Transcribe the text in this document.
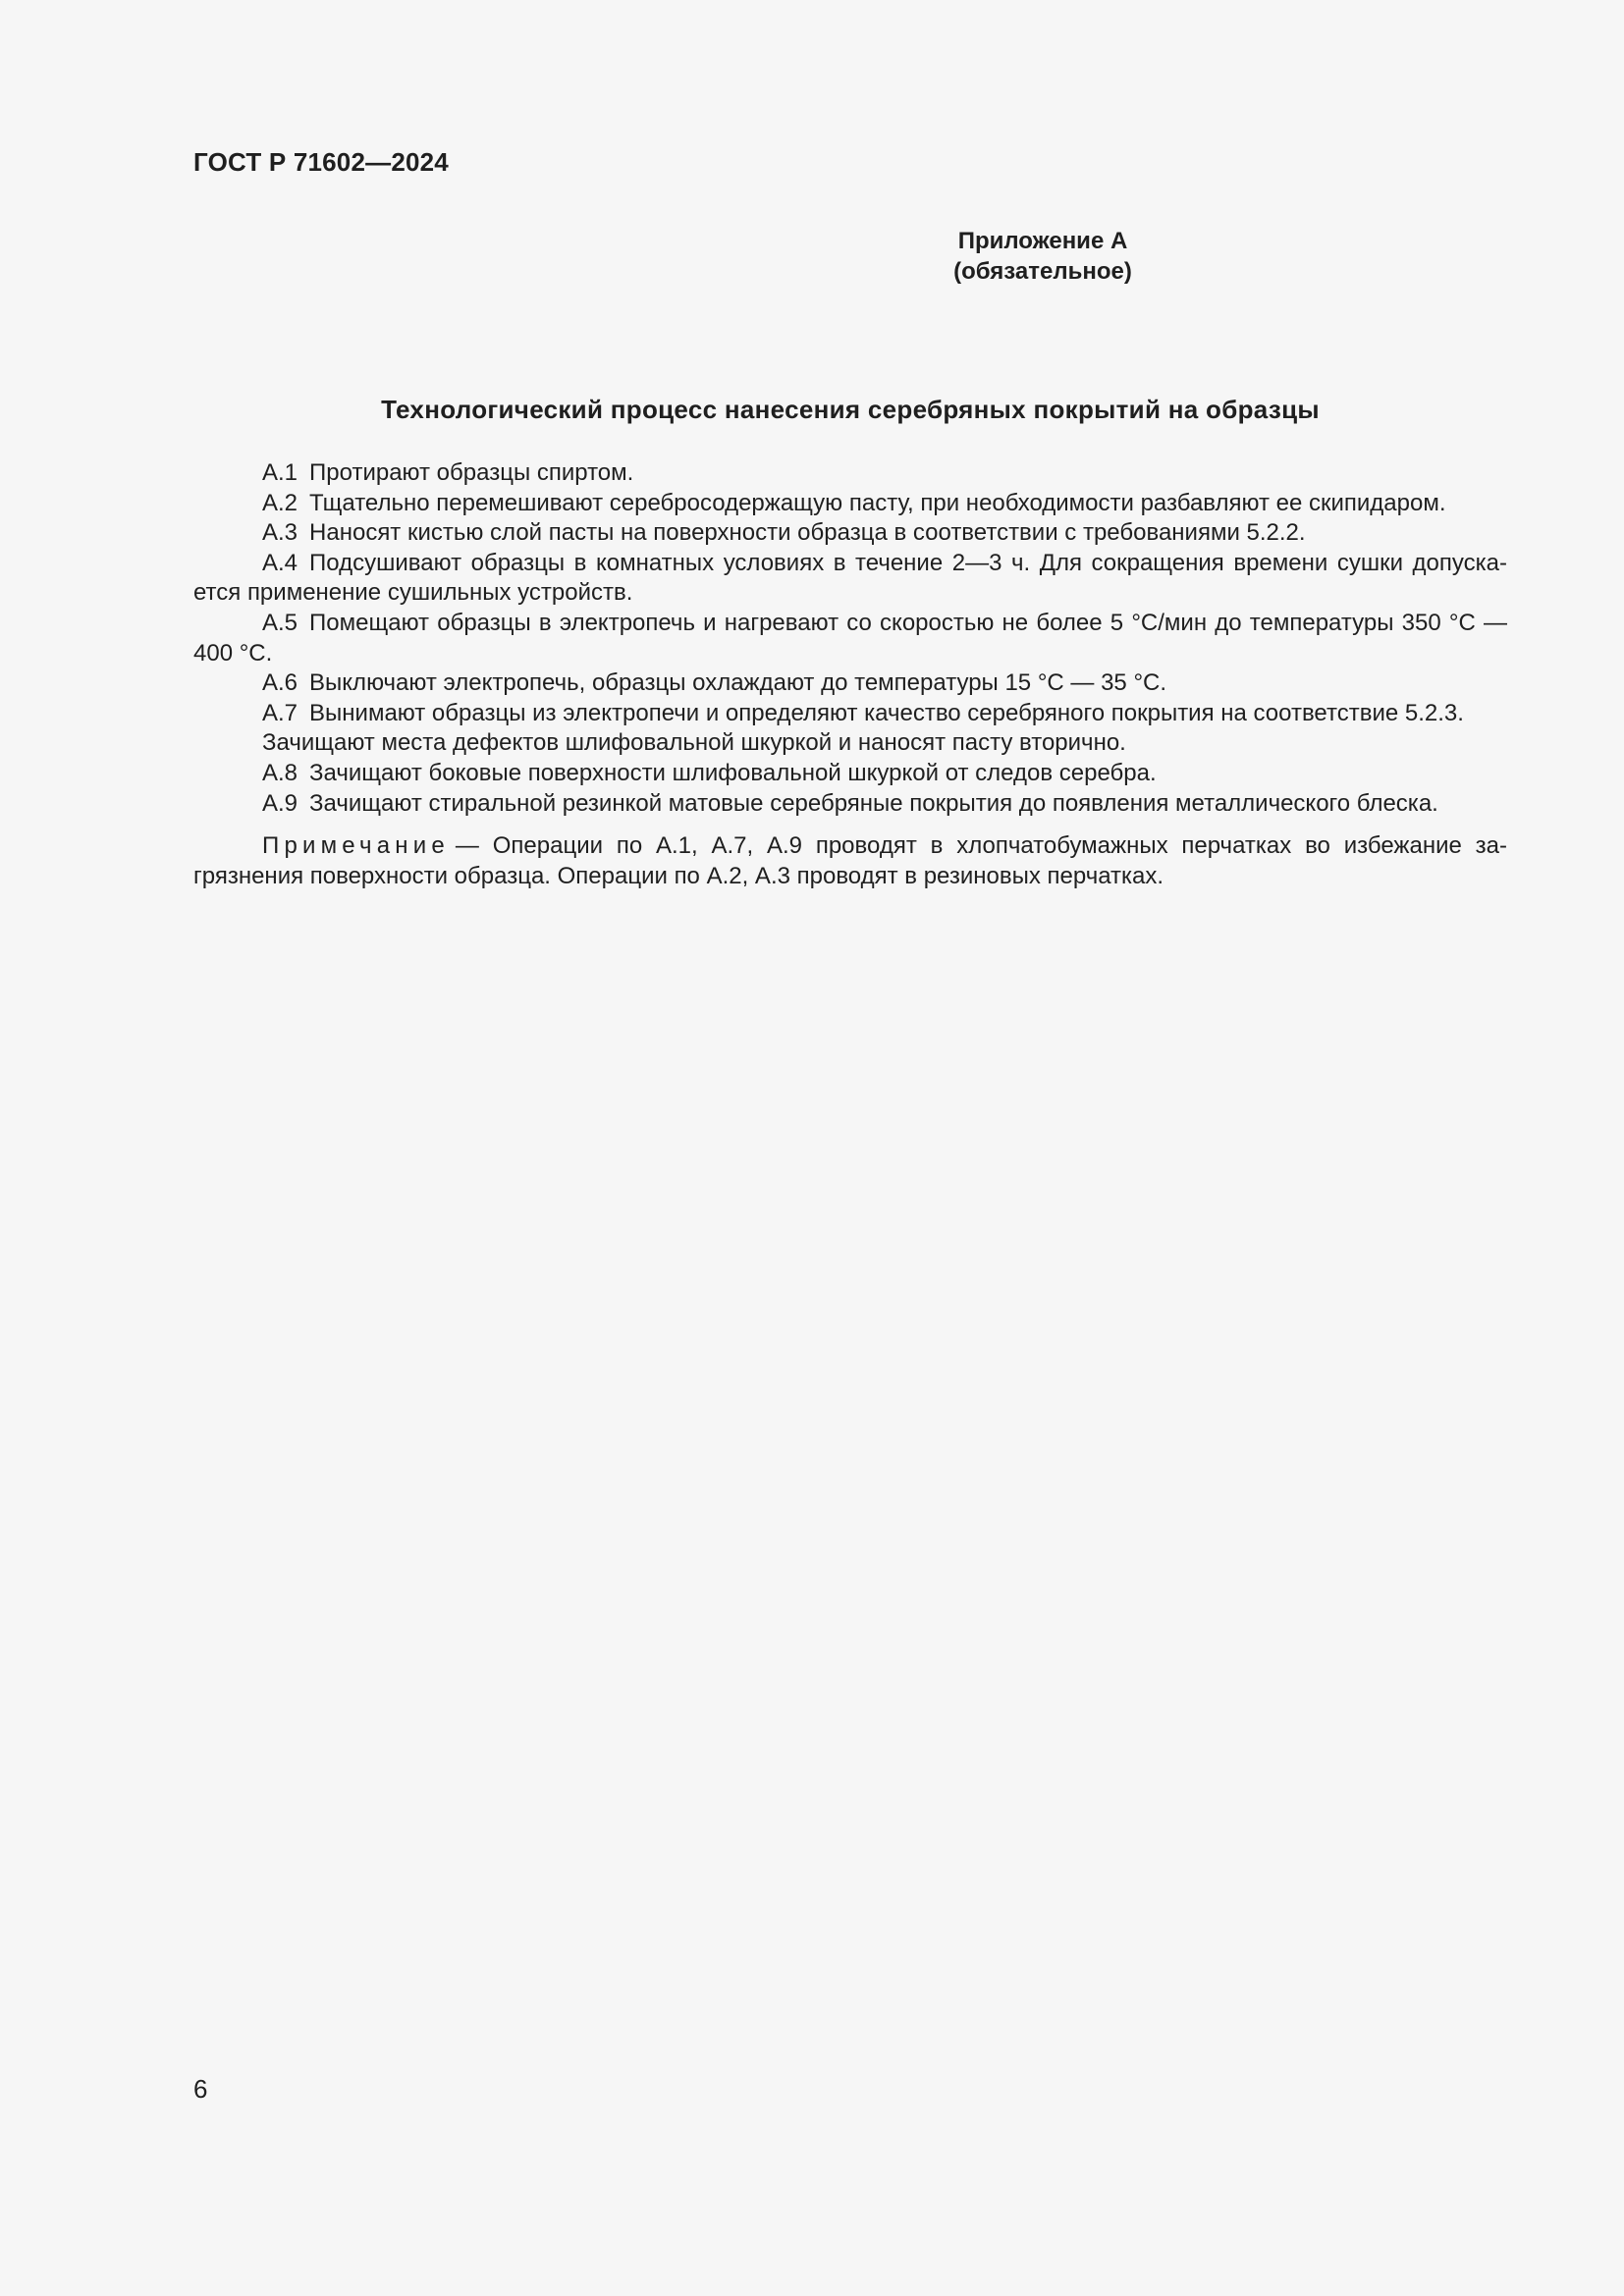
ГОСТ Р 71602—2024
Приложение А
(обязательное)
Технологический процесс нанесения серебряных покрытий на образцы
А.1 Протирают образцы спиртом.
А.2 Тщательно перемешивают серебросодержащую пасту, при необходимости разбавляют ее скипидаром.
А.3 Наносят кистью слой пасты на поверхности образца в соответствии с требованиями 5.2.2.
А.4 Подсушивают образцы в комнатных условиях в течение 2—3 ч. Для сокращения времени сушки допускается применение сушильных устройств.
А.5 Помещают образцы в электропечь и нагревают со скоростью не более 5 °С/мин до температуры 350 °С — 400 °С.
А.6 Выключают электропечь, образцы охлаждают до температуры 15 °С — 35 °С.
А.7 Вынимают образцы из электропечи и определяют качество серебряного покрытия на соответствие 5.2.3.
Зачищают места дефектов шлифовальной шкуркой и наносят пасту вторично.
А.8 Зачищают боковые поверхности шлифовальной шкуркой от следов серебра.
А.9 Зачищают стиральной резинкой матовые серебряные покрытия до появления металлического блеска.
Примечание — Операции по А.1, А.7, А.9 проводят в хлопчатобумажных перчатках во избежание загрязнения поверхности образца. Операции по А.2, А.3 проводят в резиновых перчатках.
6
